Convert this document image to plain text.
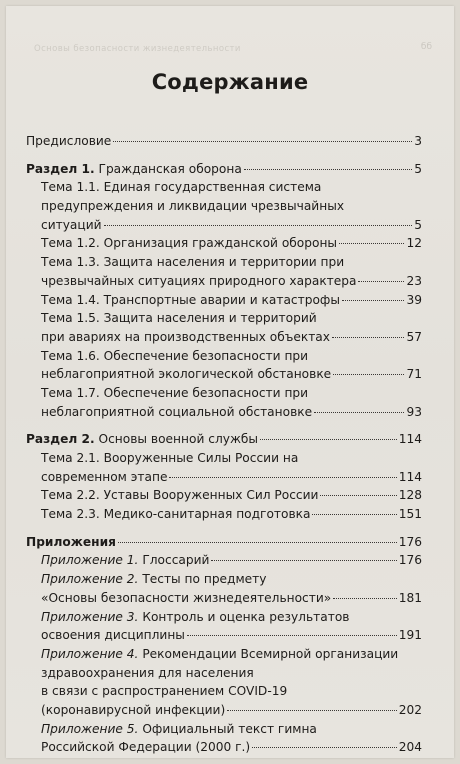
Основы безопасности жизнедеятельности	бб
Содержание
Предисловие	3
Раздел 1. Гражданская оборона	5
Тема 1.1. Единая государственная система
предупреждения и ликвидации чрезвычайных
ситуаций	5
Тема 1.2. Организация гражданской обороны	12
Тема 1.3. Защита населения и территории при
чрезвычайных ситуациях природного характера	23
Тема 1.4. Транспортные аварии и катастрофы	39
Тема 1.5. Защита населения и территорий
при авариях на производственных объектах	57
Тема 1.6. Обеспечение безопасности при
неблагоприятной экологической обстановке	71
Тема 1.7. Обеспечение безопасности при
неблагоприятной социальной обстановке	93
Раздел 2. Основы военной службы	114
Тема 2.1. Вооруженные Силы России на
современном этапе	114
Тема 2.2. Уставы Вооруженных Сил России	128
Тема 2.3. Медико-санитарная подготовка	151
Приложения	176
Приложение 1. Глоссарий	176
Приложение 2. Тесты по предмету
«Основы безопасности жизнедеятельности»	181
Приложение 3. Контроль и оценка результатов
освоения дисциплины	191
Приложение 4. Рекомендации Всемирной организации
здравоохранения для населения
в связи с распространением COVID-19
(коронавирусной инфекции)	202
Приложение 5. Официальный текст гимна
Российской Федерации (2000 г.)	204
